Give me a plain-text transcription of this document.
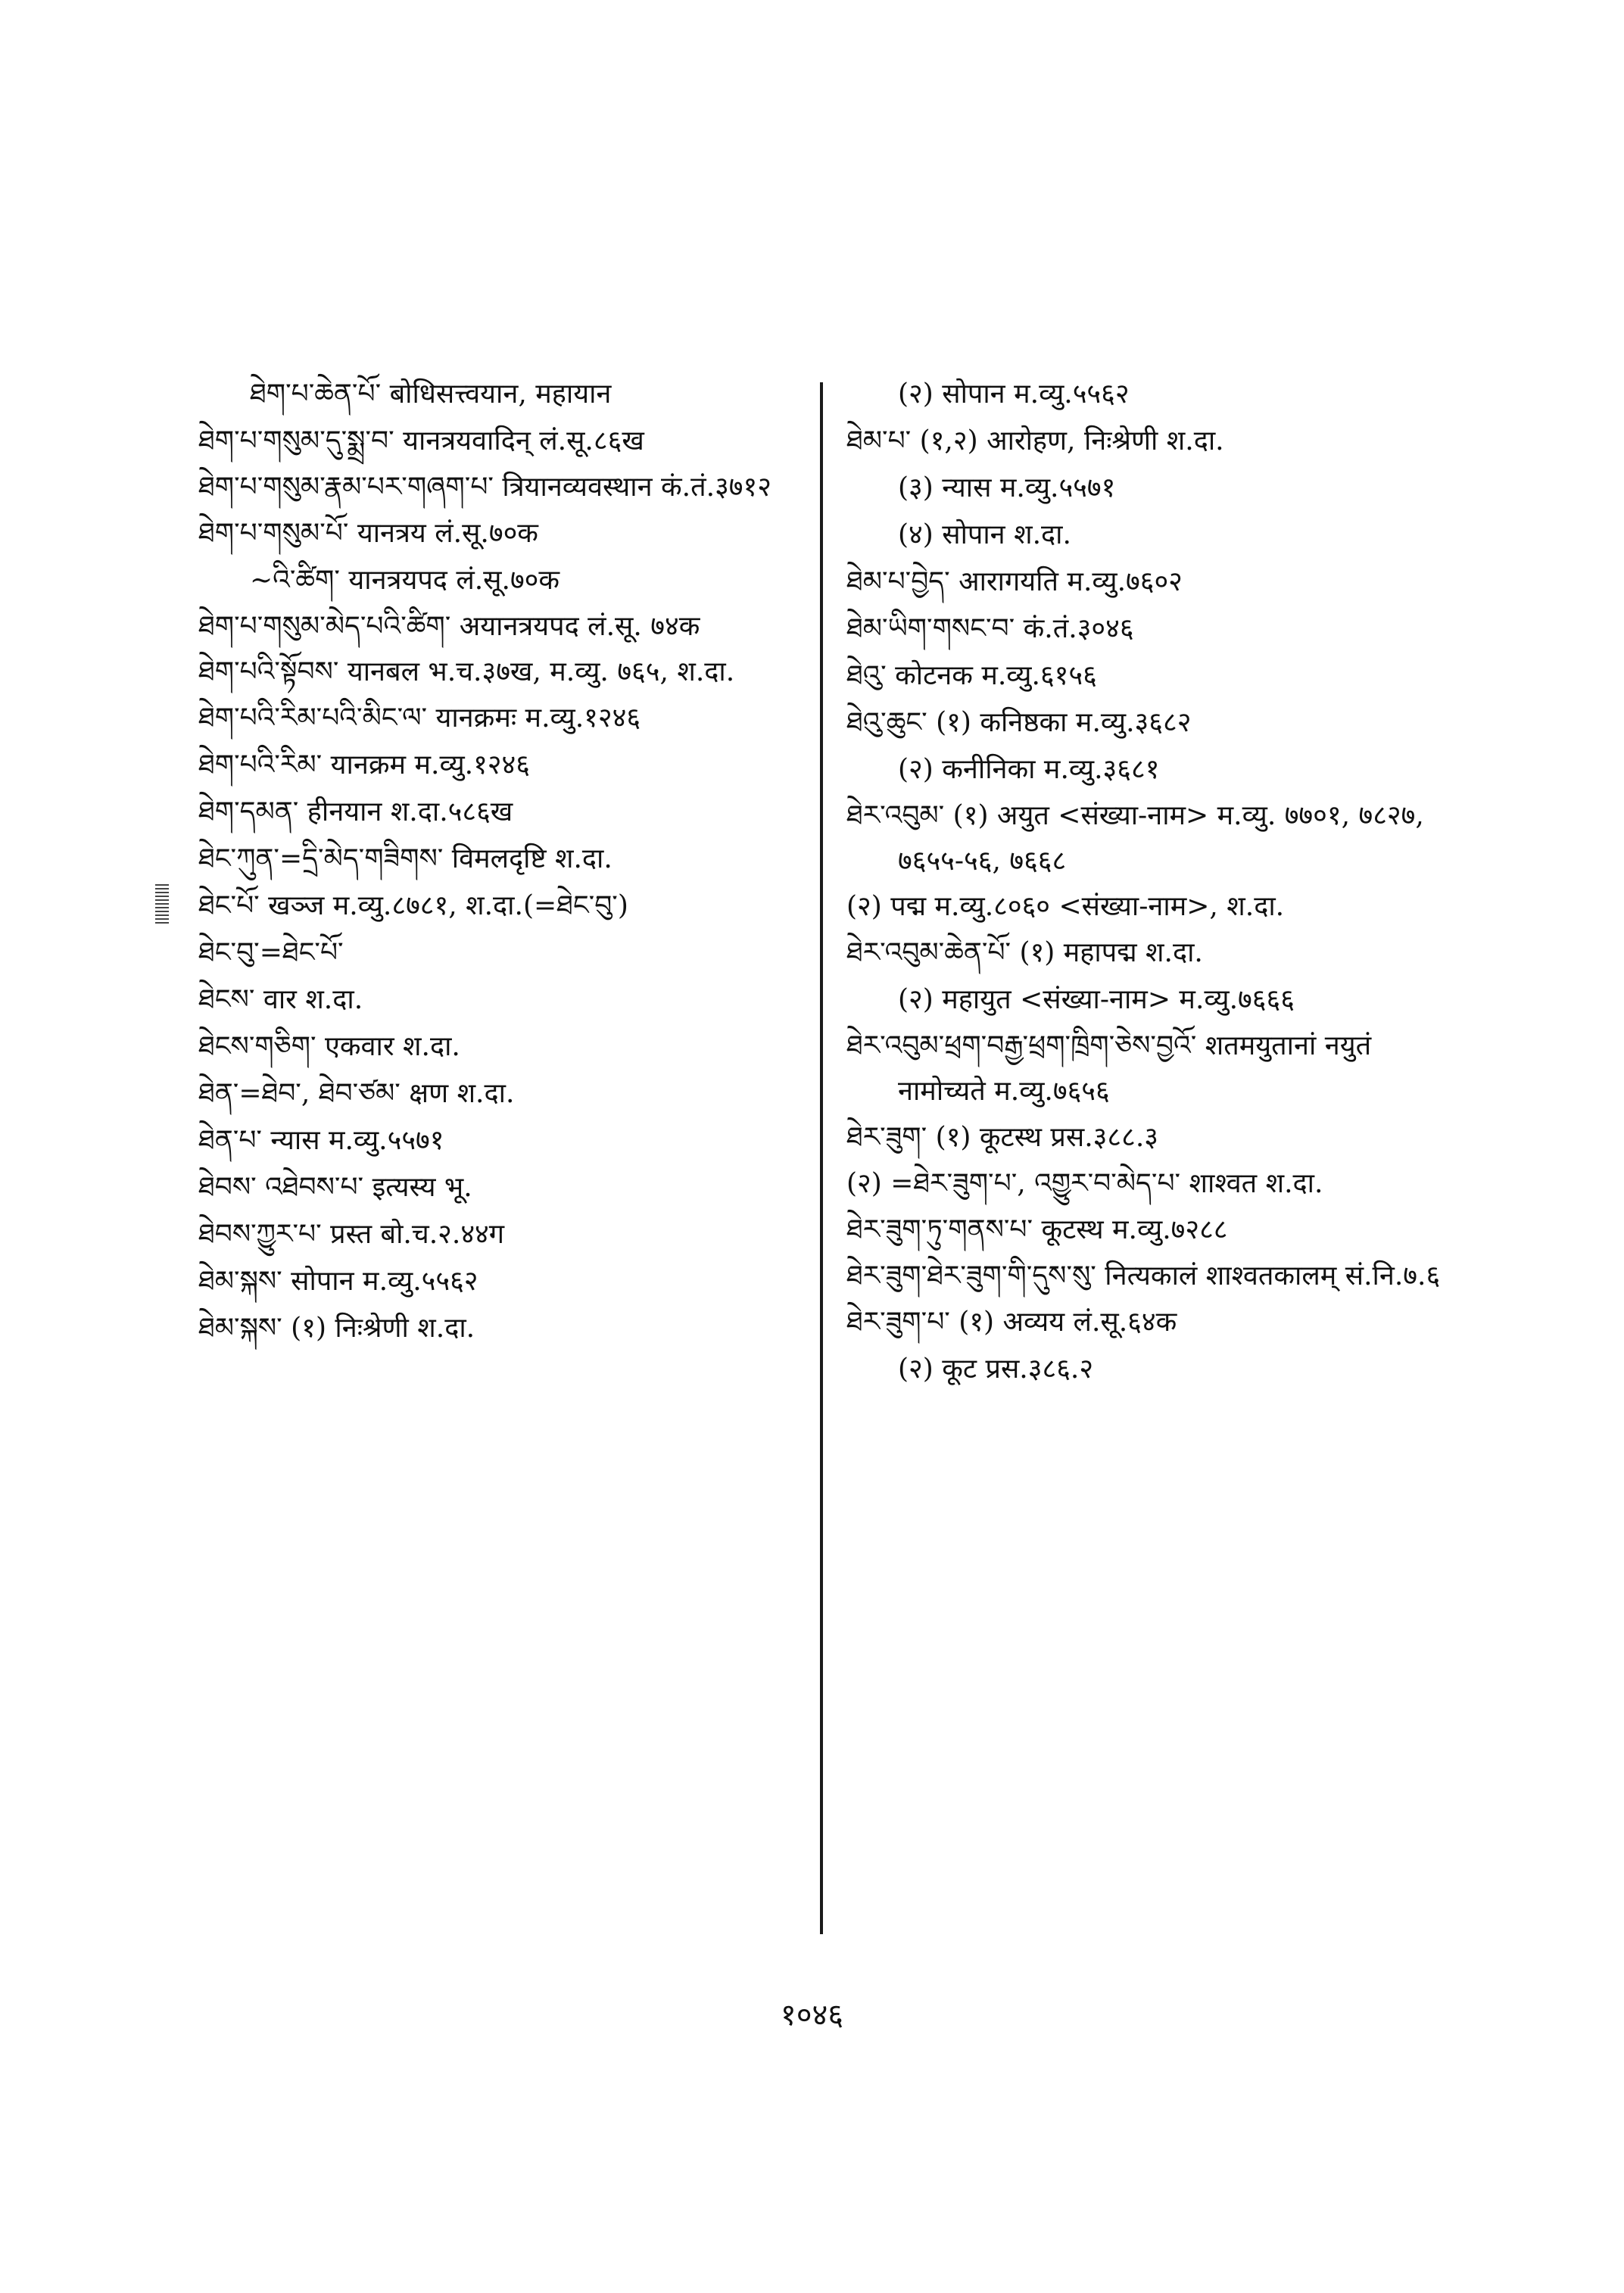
ཐེག་པ་ཆེན་པོ་ बोधिसत्त्वयान, महायान
ཐེག་པ་གསུམ་དུ་སྨྲ་བ་ यानत्रयवादिन् लं.सू.८६ख
ཐེག་པ་གསུམ་རྣམ་པར་གཞག་པ་ त्रियानव्यवस्थान कं.तं.३७१२
ཐེག་པ་གསུམ་པོ་ यानत्रय लं.सू.७०क
~འི་ཚིག་ यानत्रयपद लं.सू.७०क
ཐེག་པ་གསུམ་མེད་པའི་ཚིག་ अयानत्रयपद लं.सू. ७४क
ཐེག་པའི་སྟོབས་ यानबल भ.च.३७ख, म.व्यु. ७६५, श.दा.
ཐེག་པའི་རིམ་པའི་མིང་ལ་ यानक्रमः म.व्यु.१२४६
ཐེག་པའི་རིམ་ यानक्रम म.व्यु.१२४६
ཐེག་དམན་ हीनयान श.दा.५८६ख
ཐེང་ཀུན་=དྲི་མེད་གཟིགས་ विमलदृष्टि श.दा.
ཐེང་པོ་ खञ्ज म.व्यु.८७८१, श.दा.(=ཐེང་བུ་)
ཐེང་བུ་=ཐེང་པོ་
ཐེངས་ वार श.दा.
ཐེངས་གཅིག་ एकवार श.दा.
ཐེན་=ཐེབ་, ཐེབ་ཙམ་ क्षण श.दा.
ཐེན་པ་ न्यास म.व्यु.५५७१
ཐེབས་ འཐེབས་པ་ इत्यस्य भू.
ཐེབས་ཀྱུར་པ་ प्रस्त बो.च.२.४४ग
ཐེམ་སྐས་ सोपान म.व्यु.५५६२
ཐེམ་སྐས་ (१) निःश्रेणी श.दा.
(२) सोपान म.व्यु.५५६२
ཐེམ་པ་ (१,२) आरोहण, निःश्रेणी श.दा.
(३) न्यास म.व्यु.५५७१
(४) सोपान श.दा.
ཐེམ་པ་བྱེད་ आरागयति म.व्यु.७६०२
ཐེམ་ཡིག་གསང་བ་ कं.तं.३०४६
ཐེའུ་ कोटनक म.व्यु.६१५६
ཐེའུ་ཆུང་ (१) कनिष्ठका म.व्यु.३६८२
(२) कनीनिका म.व्यु.३६८१
ཐེར་འབུམ་ (१) अयुत <संख्या-नाम> म.व्यु. ७७०१, ७८२७, ७६५५-५६, ७६६८
(२) पद्म म.व्यु.८०६० <संख्या-नाम>, श.दा.
ཐེར་འབུམ་ཆེན་པོ་ (१) महापद्म श.दा.
(२) महायुत <संख्या-नाम> म.व्यु.७६६६
ཐེར་འབུམ་ཕྲག་བརྒྱ་ཕྲག་ཁྲིག་ཅེས་བྱའོ་ शतमयुतानां नयुतं नामोच्यते म.व्यु.७६५६
ཐེར་ཟུག་ (१) कूटस्थ प्रस.३८८.३
(२) =ཐེར་ཟུག་པ་, འགྱུར་བ་མེད་པ་ शाश्वत श.दा.
ཐེར་ཟུག་ཏུ་གནས་པ་ कूटस्थ म.व्यु.७२८८
ཐེར་ཟུག་ཐེར་ཟུག་གི་དུས་སུ་ नित्यकालं शाश्वतकालम् सं.नि.७.६
ཐེར་ཟུག་པ་ (१) अव्यय लं.सू.६४क
(२) कूट प्रस.३८६.२
१०४६
